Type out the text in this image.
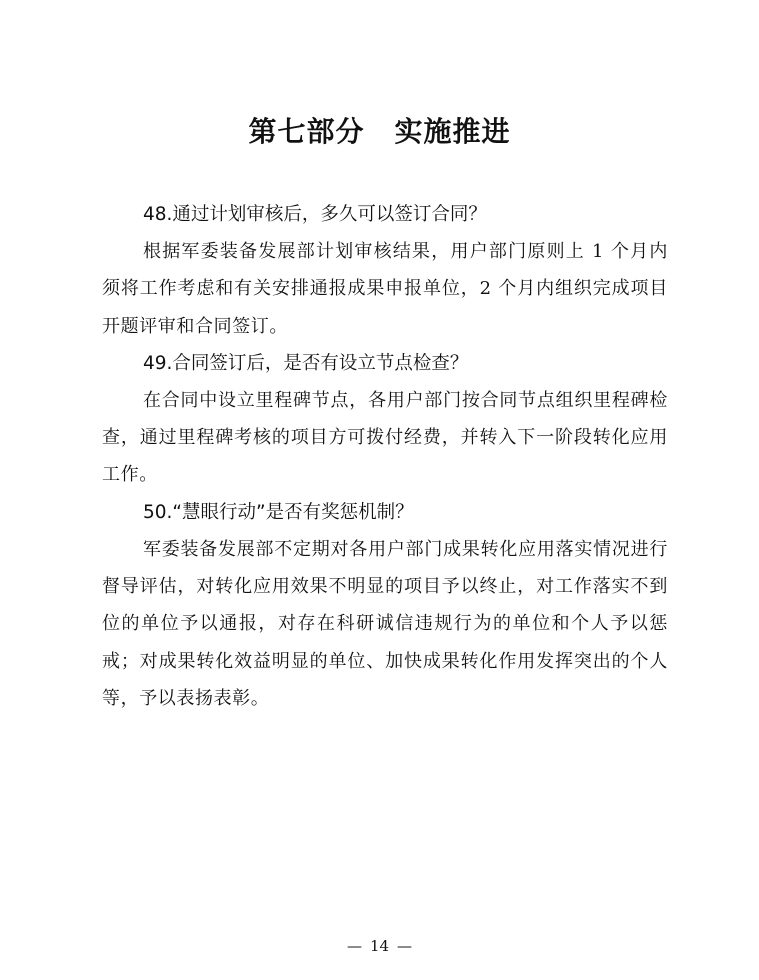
第七部分 实施推进

48.通过计划审核后，多久可以签订合同？

根据军委装备发展部计划审核结果，用户部门原则上 1 个月内须将工作考虑和有关安排通报成果申报单位，2 个月内组织完成项目开题评审和合同签订。

49.合同签订后，是否有设立节点检查？

在合同中设立里程碑节点，各用户部门按合同节点组织里程碑检查，通过里程碑考核的项目方可拨付经费，并转入下一阶段转化应用工作。

50.“慧眼行动”是否有奖惩机制？

军委装备发展部不定期对各用户部门成果转化应用落实情况进行督导评估，对转化应用效果不明显的项目予以终止，对工作落实不到位的单位予以通报，对存在科研诚信违规行为的单位和个人予以惩戒；对成果转化效益明显的单位、加快成果转化作用发挥突出的个人等，予以表扬表彰。

— 14 —
